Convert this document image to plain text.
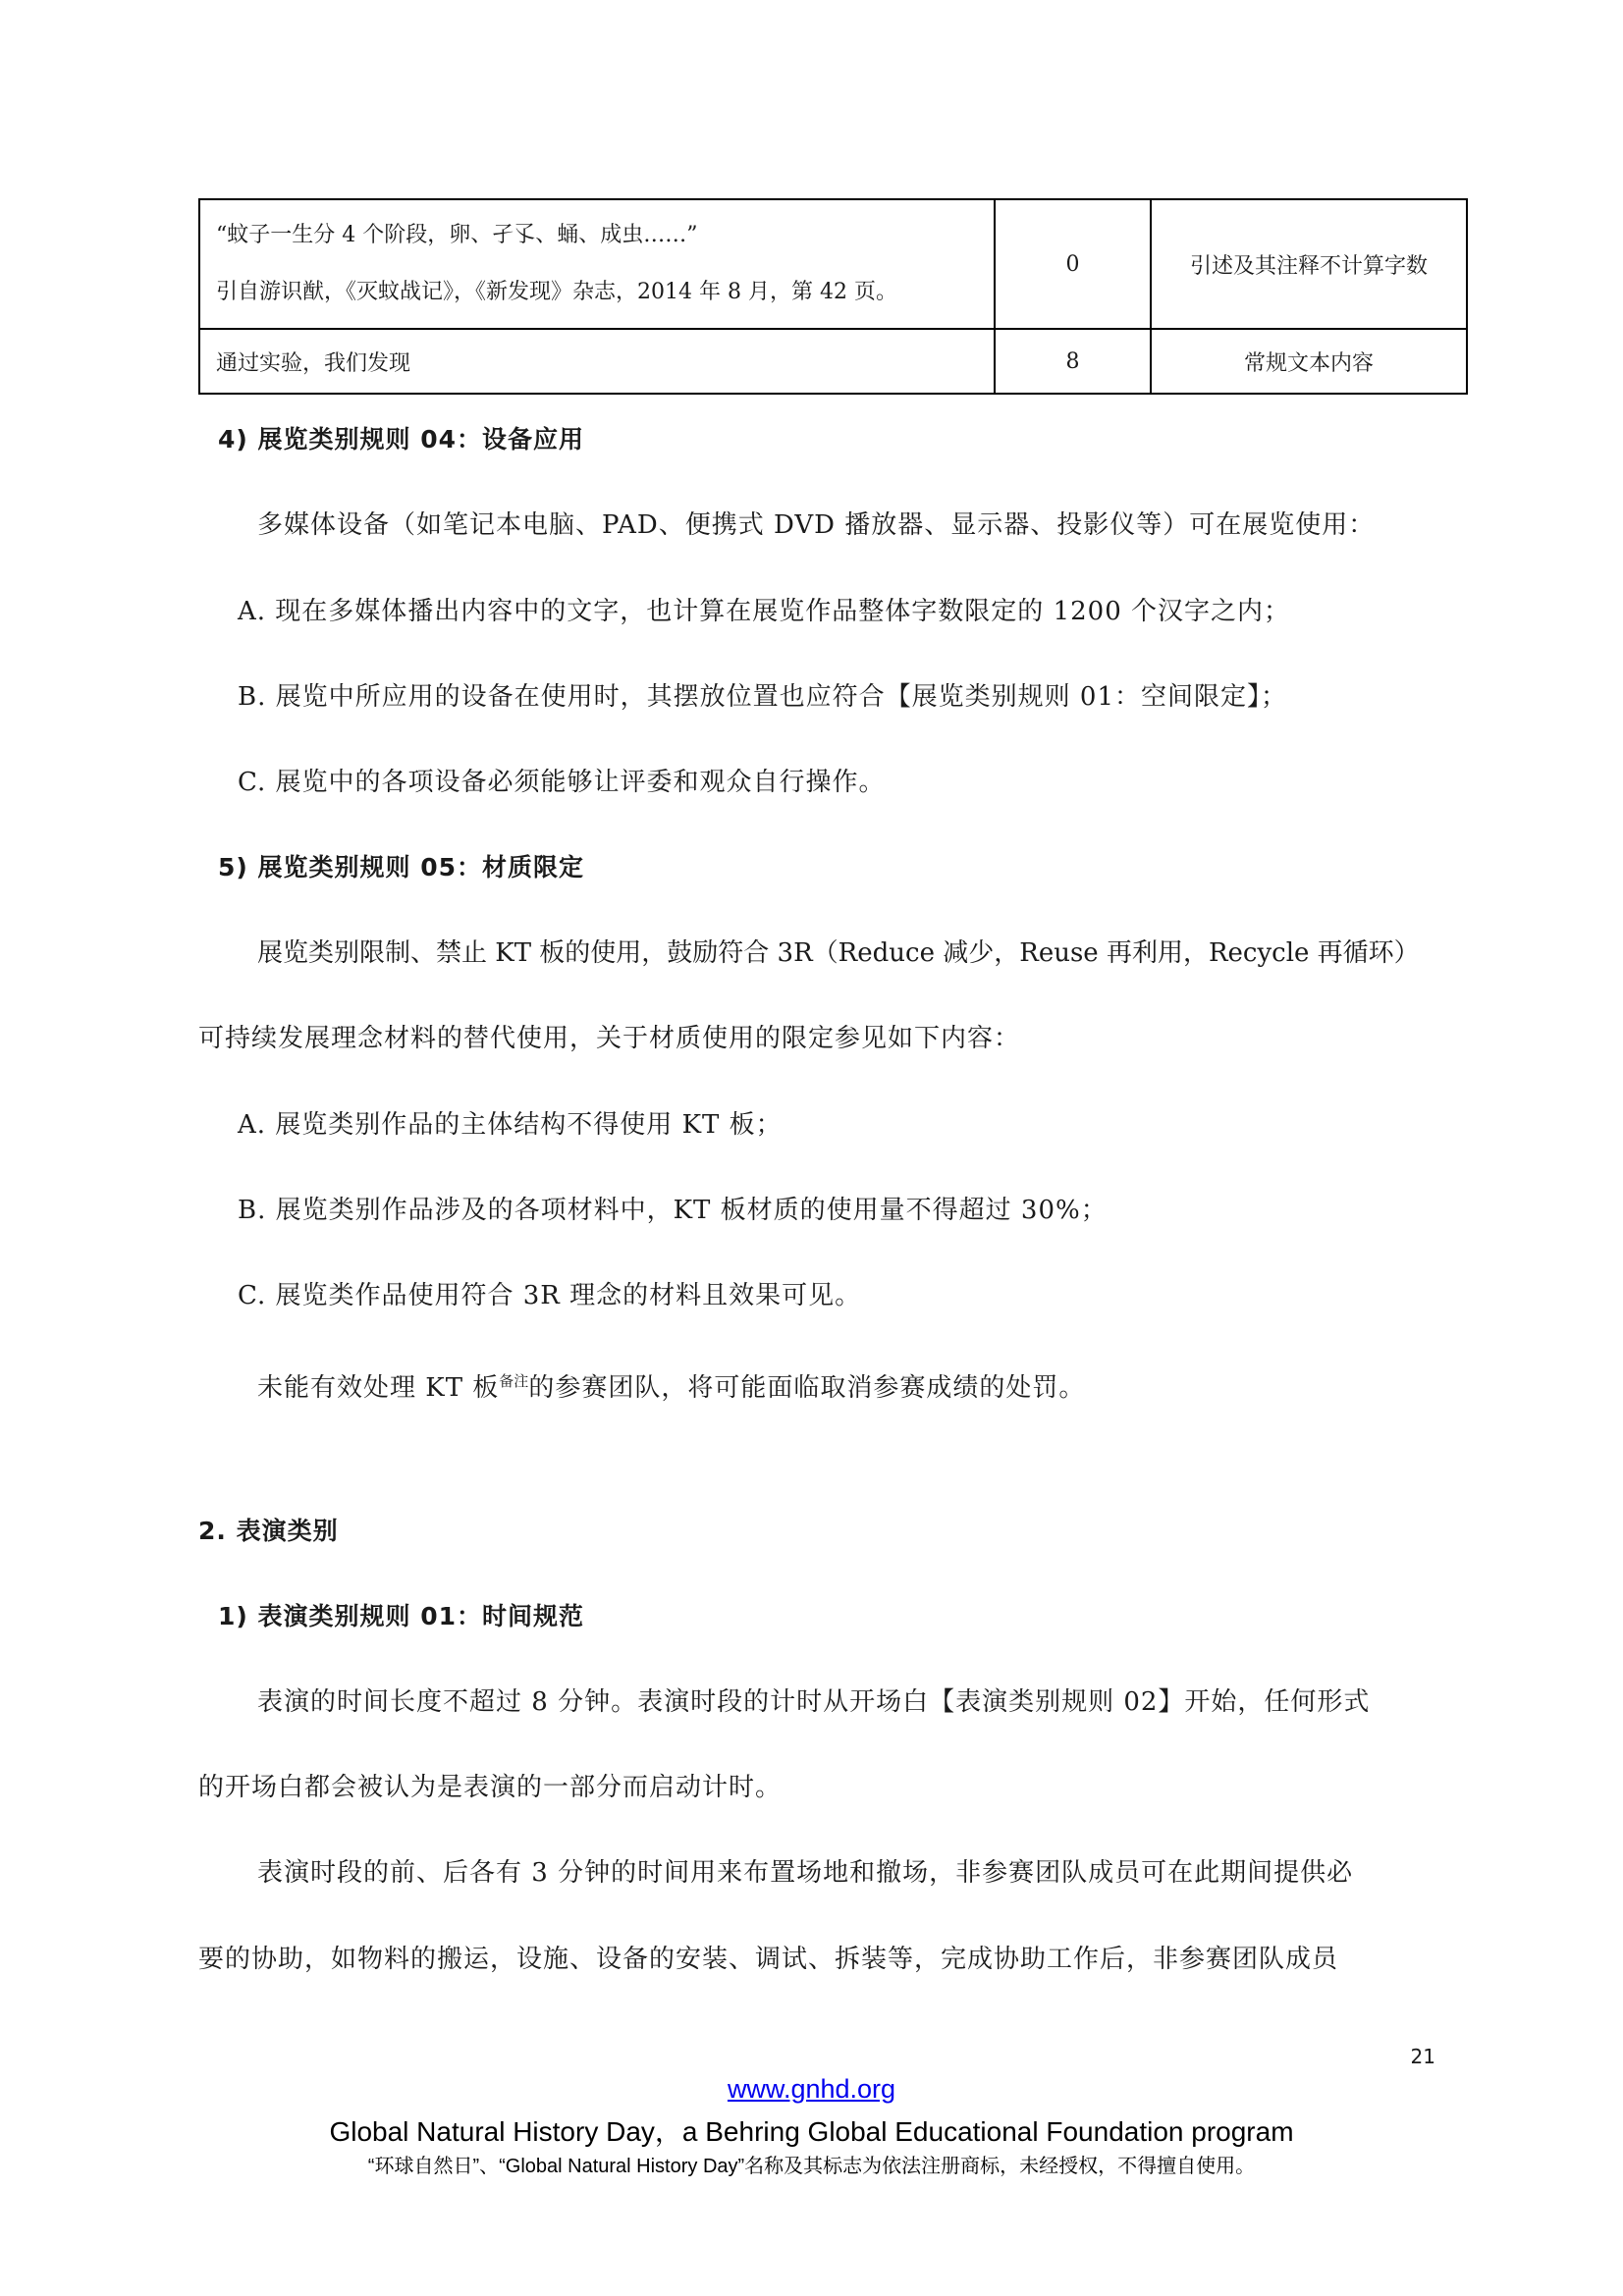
“蚊子一生分 4 个阶段，卵、孑孓、蛹、成虫……”
引自游识猷，《灭蚊战记》，《新发现》杂志，2014 年 8 月，第 42 页。	0	引述及其注释不计算字数
通过实验，我们发现	8	常规文本内容
4) 展览类别规则 04：设备应用
多媒体设备（如笔记本电脑、PAD、便携式 DVD 播放器、显示器、投影仪等）可在展览使用：
A. 现在多媒体播出内容中的文字，也计算在展览作品整体字数限定的 1200 个汉字之内；
B. 展览中所应用的设备在使用时，其摆放位置也应符合【展览类别规则 01：空间限定】；
C. 展览中的各项设备必须能够让评委和观众自行操作。
5) 展览类别规则 05：材质限定
展览类别限制、禁止 KT 板的使用，鼓励符合 3R（Reduce 减少，Reuse 再利用，Recycle 再循环）
可持续发展理念材料的替代使用，关于材质使用的限定参见如下内容：
A. 展览类别作品的主体结构不得使用 KT 板；
B. 展览类别作品涉及的各项材料中，KT 板材质的使用量不得超过 30%；
C. 展览类作品使用符合 3R 理念的材料且效果可见。
未能有效处理 KT 板$^{备注}$的参赛团队，将可能面临取消参赛成绩的处罚。
2. 表演类别
1) 表演类别规则 01：时间规范
表演的时间长度不超过 8 分钟。表演时段的计时从开场白【表演类别规则 02】开始，任何形式
的开场白都会被认为是表演的一部分而启动计时。
表演时段的前、后各有 3 分钟的时间用来布置场地和撤场，非参赛团队成员可在此期间提供必
要的协助，如物料的搬运，设施、设备的安装、调试、拆装等，完成协助工作后，非参赛团队成员
21
www.gnhd.org
Global Natural History Day，a Behring Global Educational Foundation program
“环球自然日”、“Global Natural History Day”名称及其标志为依法注册商标，未经授权，不得擅自使用。
